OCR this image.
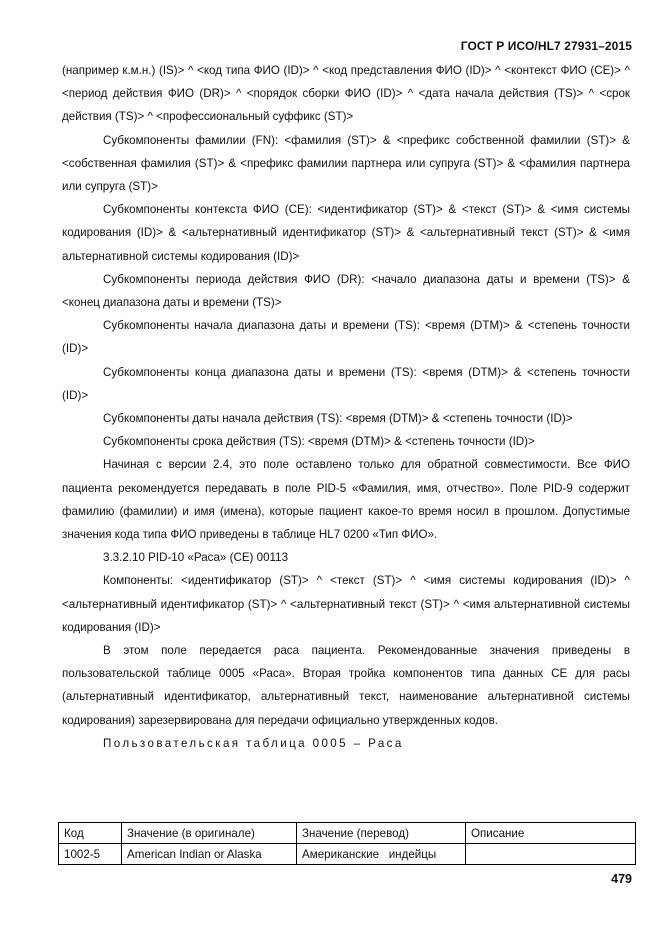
ГОСТ Р ИСО/HL7 27931–2015

(например к.м.н.) (IS)> ^ <код типа ФИО (ID)> ^ <код представления ФИО (ID)> ^ <контекст ФИО (CE)> ^ <период действия ФИО (DR)> ^ <порядок сборки ФИО (ID)> ^ <дата начала действия (TS)> ^ <срок действия (TS)> ^ <профессиональный суффикс (ST)>

Субкомпоненты фамилии (FN): <фамилия (ST)> & <префикс собственной фамилии (ST)> & <собственная фамилия (ST)> & <префикс фамилии партнера или супруга (ST)> & <фамилия партнера или супруга (ST)>

Субкомпоненты контекста ФИО (CE): <идентификатор (ST)> & <текст (ST)> & <имя системы кодирования (ID)> & <альтернативный идентификатор (ST)> & <альтернативный текст (ST)> & <имя альтернативной системы кодирования (ID)>

Субкомпоненты периода действия ФИО (DR): <начало диапазона даты и времени (TS)> & <конец диапазона даты и времени (TS)>

Субкомпоненты начала диапазона даты и времени (TS): <время (DTM)> & <степень точности (ID)>

Субкомпоненты конца диапазона даты и времени (TS): <время (DTM)> & <степень точности (ID)>

Субкомпоненты даты начала действия (TS): <время (DTM)> & <степень точности (ID)>

Субкомпоненты срока действия (TS): <время (DTM)> & <степень точности (ID)>

Начиная с версии 2.4, это поле оставлено только для обратной совместимости. Все ФИО пациента рекомендуется передавать в поле PID-5 «Фамилия, имя, отчество». Поле PID-9 содержит фамилию (фамилии) и имя (имена), которые пациент какое-то время носил в прошлом. Допустимые значения кода типа ФИО приведены в таблице HL7 0200 «Тип ФИО».

3.3.2.10 PID-10 «Раса» (CE) 00113

Компоненты: <идентификатор (ST)> ^ <текст (ST)> ^ <имя системы кодирования (ID)> ^ <альтернативный идентификатор (ST)> ^ <альтернативный текст (ST)> ^ <имя альтернативной системы кодирования (ID)>

В этом поле передается раса пациента. Рекомендованные значения приведены в пользовательской таблице 0005 «Раса». Вторая тройка компонентов типа данных CE для расы (альтернативный идентификатор, альтернативный текст, наименование альтернативной системы кодирования) зарезервирована для передачи официально утвержденных кодов.

Пользовательская таблица 0005 – Раса

Код	Значение (в оригинале)	Значение (перевод)	Описание
1002-5	American Indian or Alaska	Американские   индейцы	
479
